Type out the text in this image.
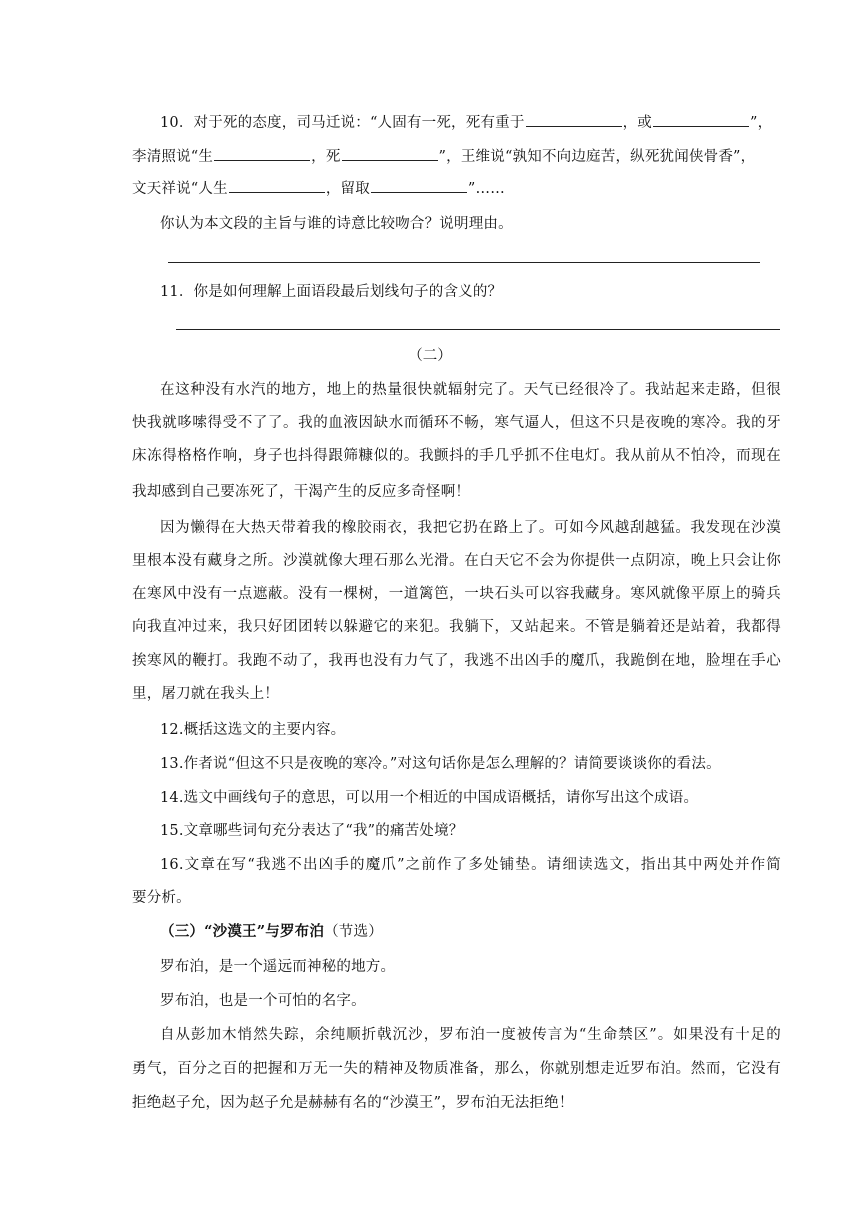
10．对于死的态度，司马迁说：“人固有一死，死有重于	，或	”，
李清照说“生	，死	”，王维说“孰知不向边庭苦，纵死犹闻侠骨香”，
文天祥说“人生	，留取	”……
你认为本文段的主旨与谁的诗意比较吻合？说明理由。
11．你是如何理解上面语段最后划线句子的含义的？
（二）
在这种没有水汽的地方，地上的热量很快就辐射完了。天气已经很冷了。我站起来走路，但很
快我就哆嗦得受不了了。我的血液因缺水而循环不畅，寒气逼人，但这不只是夜晚的寒冷。我的牙
床冻得格格作响，身子也抖得跟筛糠似的。我颤抖的手几乎抓不住电灯。我从前从不怕冷，而现在
我却感到自己要冻死了，干渴产生的反应多奇怪啊！
因为懒得在大热天带着我的橡胶雨衣，我把它扔在路上了。可如今风越刮越猛。我发现在沙漠
里根本没有藏身之所。沙漠就像大理石那么光滑。在白天它不会为你提供一点阴凉，晚上只会让你
在寒风中没有一点遮蔽。没有一棵树，一道篱笆，一块石头可以容我藏身。寒风就像平原上的骑兵
向我直冲过来，我只好团团转以躲避它的来犯。我躺下，又站起来。不管是躺着还是站着，我都得
挨寒风的鞭打。我跑不动了，我再也没有力气了，我逃不出凶手的魔爪，我跪倒在地，脸埋在手心
里，屠刀就在我头上！
12.概括这选文的主要内容。
13.作者说“但这不只是夜晚的寒冷。”对这句话你是怎么理解的？请简要谈谈你的看法。
14.选文中画线句子的意思，可以用一个相近的中国成语概括，请你写出这个成语。
15.文章哪些词句充分表达了“我”的痛苦处境？
16.文章在写“我逃不出凶手的魔爪”之前作了多处铺垫。请细读选文，指出其中两处并作简
要分析。
（三）“沙漠王”与罗布泊（节选）
罗布泊，是一个遥远而神秘的地方。
罗布泊，也是一个可怕的名字。
自从彭加木悄然失踪，余纯顺折戟沉沙，罗布泊一度被传言为“生命禁区”。如果没有十足的
勇气，百分之百的把握和万无一失的精神及物质准备，那么，你就别想走近罗布泊。然而，它没有
拒绝赵子允，因为赵子允是赫赫有名的“沙漠王”，罗布泊无法拒绝！
